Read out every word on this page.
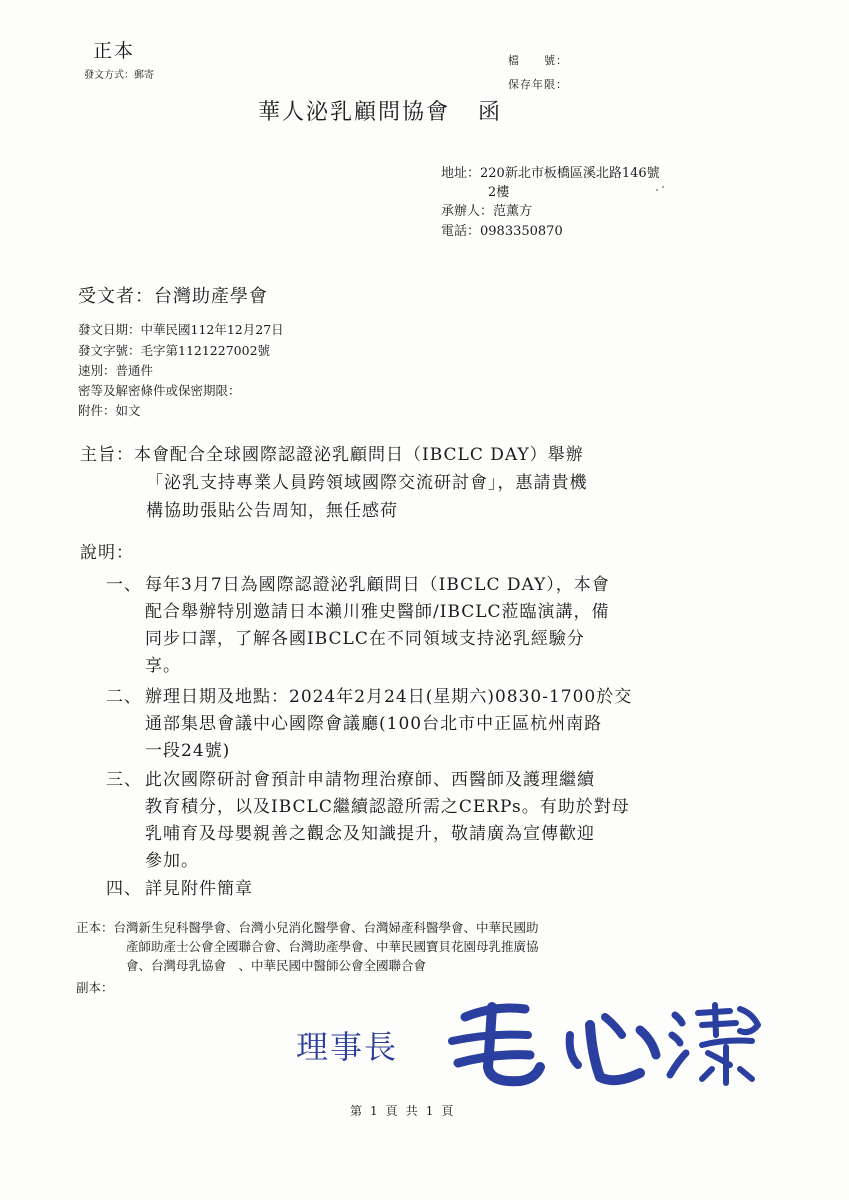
正本
發文方式：郵寄
檔　　號：
保存年限：
華人泌乳顧問協會 函
地址：220新北市板橋區溪北路146號
2樓
承辦人：范薰方
電話：0983350870
受文者：台灣助產學會
發文日期：中華民國112年12月27日
發文字號：毛字第1121227002號
速別：普通件
密等及解密條件或保密期限：
附件：如文
主旨：本會配合全球國際認證泌乳顧問日（IBCLC DAY）舉辦
「泌乳支持專業人員跨領域國際交流研討會」，惠請貴機
構協助張貼公告周知，無任感荷
說明：
一、 每年3月7日為國際認證泌乳顧問日（IBCLC DAY），本會
配合舉辦特別邀請日本瀨川雅史醫師/IBCLC蒞臨演講，備
同步口譯，了解各國IBCLC在不同領域支持泌乳經驗分
享。
二、 辦理日期及地點：2024年2月24日(星期六)0830-1700於交
通部集思會議中心國際會議廳(100台北市中正區杭州南路
一段24號)
三、 此次國際研討會預計申請物理治療師、西醫師及護理繼續
教育積分，以及IBCLC繼續認證所需之CERPs。有助於對母
乳哺育及母嬰親善之觀念及知識提升，敬請廣為宣傳歡迎
參加。
四、 詳見附件簡章
正本：台灣新生兒科醫學會、台灣小兒消化醫學會、台灣婦產科醫學會、中華民國助
產師助產士公會全國聯合會、台灣助產學會、中華民國寶貝花園母乳推廣協
會、台灣母乳協會　、中華民國中醫師公會全國聯合會
副本：
理事長
第 1 頁 共 1 頁
